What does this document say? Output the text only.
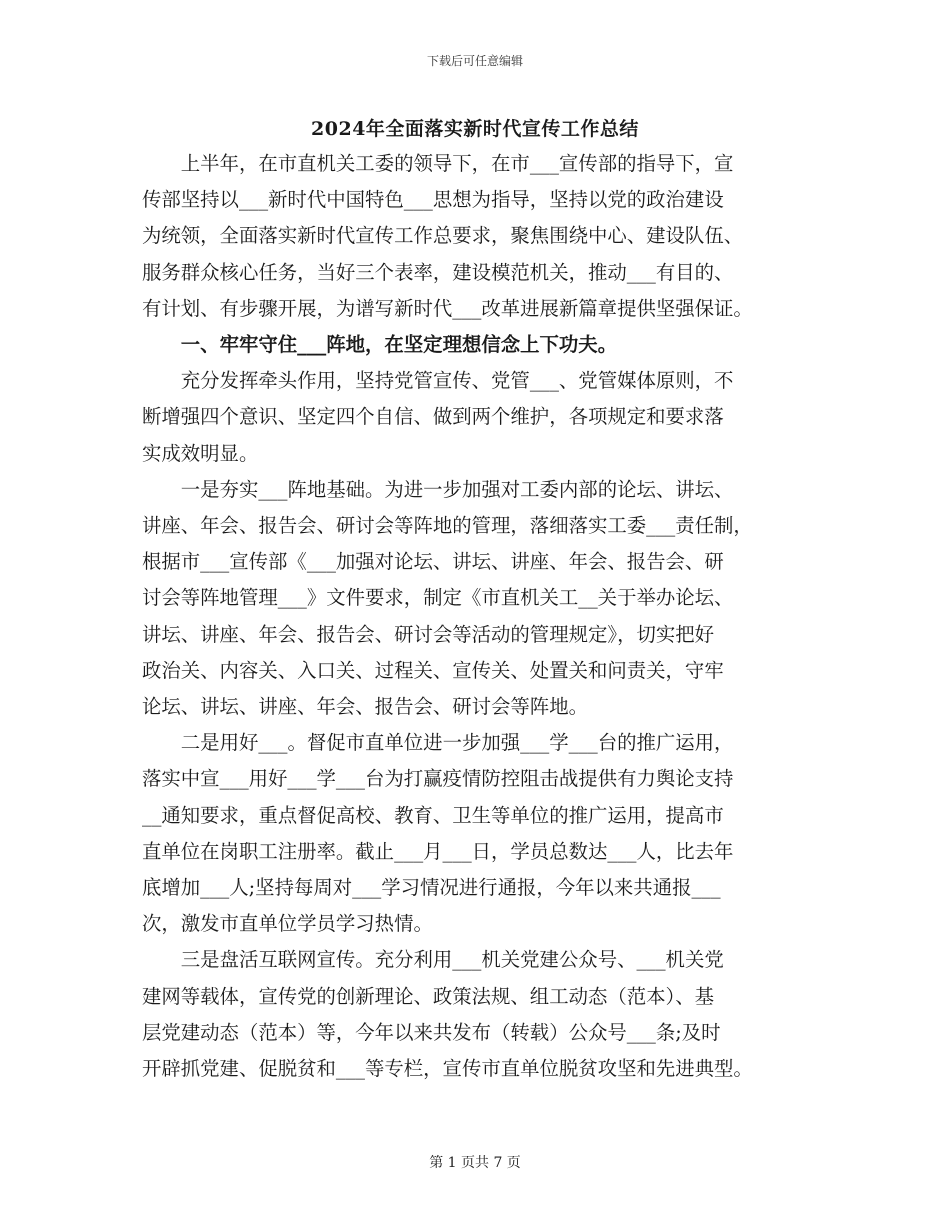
下载后可任意编辑
2024年全面落实新时代宣传工作总结

上半年，在市直机关工委的领导下，在市___宣传部的指导下，宣
传部坚持以___新时代中国特色___思想为指导，坚持以党的政治建设
为统领，全面落实新时代宣传工作总要求，聚焦围绕中心、建设队伍、
服务群众核心任务，当好三个表率，建设模范机关，推动___有目的、
有计划、有步骤开展，为谱写新时代___改革进展新篇章提供坚强保证。

一、牢牢守住___阵地，在坚定理想信念上下功夫。

充分发挥牵头作用，坚持党管宣传、党管___、党管媒体原则，不
断增强四个意识、坚定四个自信、做到两个维护，各项规定和要求落
实成效明显。

一是夯实___阵地基础。为进一步加强对工委内部的论坛、讲坛、
讲座、年会、报告会、研讨会等阵地的管理，落细落实工委___责任制，
根据市___宣传部《___加强对论坛、讲坛、讲座、年会、报告会、研
讨会等阵地管理___》文件要求，制定《市直机关工__关于举办论坛、
讲坛、讲座、年会、报告会、研讨会等活动的管理规定》，切实把好
政治关、内容关、入口关、过程关、宣传关、处置关和问责关，守牢
论坛、讲坛、讲座、年会、报告会、研讨会等阵地。

二是用好___。督促市直单位进一步加强___学___台的推广运用，
落实中宣___用好___学___台为打赢疫情防控阻击战提供有力舆论支持
__通知要求，重点督促高校、教育、卫生等单位的推广运用，提高市
直单位在岗职工注册率。截止___月___日，学员总数达___人，比去年
底增加___人;坚持每周对___学习情况进行通报，今年以来共通报___
次，激发市直单位学员学习热情。

三是盘活互联网宣传。充分利用___机关党建公众号、___机关党
建网等载体，宣传党的创新理论、政策法规、组工动态（范本）、基
层党建动态（范本）等，今年以来共发布（转载）公众号___条;及时
开辟抓党建、促脱贫和___等专栏，宣传市直单位脱贫攻坚和先进典型。

第 1 页共 7 页
